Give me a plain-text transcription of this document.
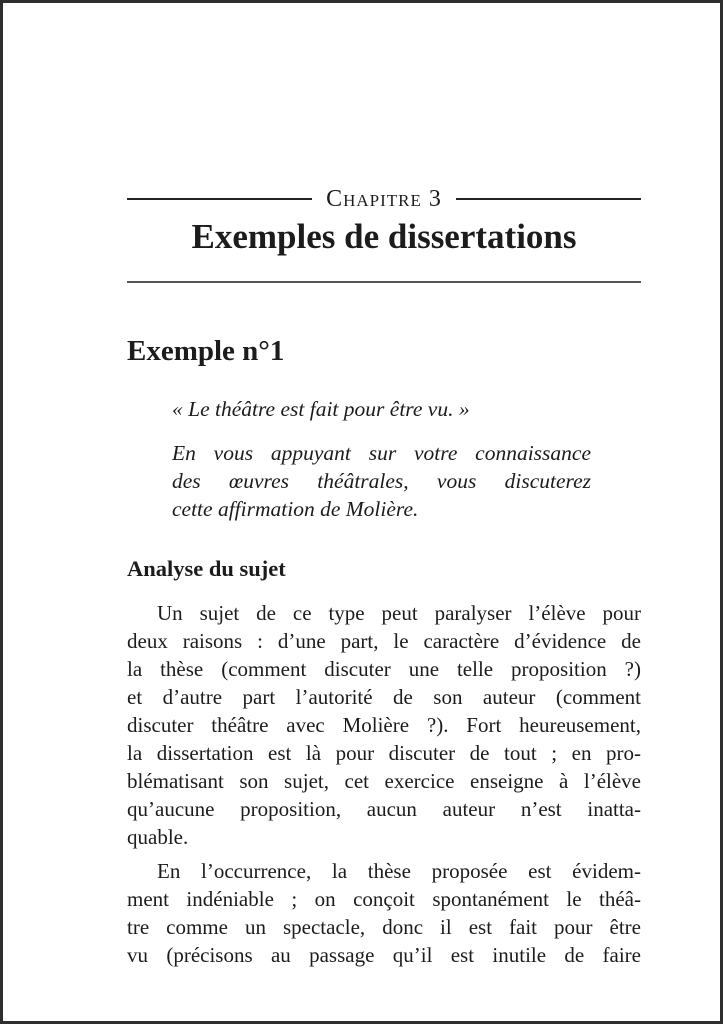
Chapitre 3
Exemples de dissertations
Exemple n°1
« Le théâtre est fait pour être vu. »
En vous appuyant sur votre connaissance
des œuvres théâtrales, vous discuterez
cette affirmation de Molière.
Analyse du sujet
Un sujet de ce type peut paralyser l’élève pour
deux raisons : d’une part, le caractère d’évidence de
la thèse (comment discuter une telle proposition ?)
et d’autre part l’autorité de son auteur (comment
discuter théâtre avec Molière ?). Fort heureusement,
la dissertation est là pour discuter de tout ; en pro-
blématisant son sujet, cet exercice enseigne à l’élève
qu’aucune proposition, aucun auteur n’est inatta-
quable.
En l’occurrence, la thèse proposée est évidem-
ment indéniable ; on conçoit spontanément le théâ-
tre comme un spectacle, donc il est fait pour être
vu (précisons au passage qu’il est inutile de faire
